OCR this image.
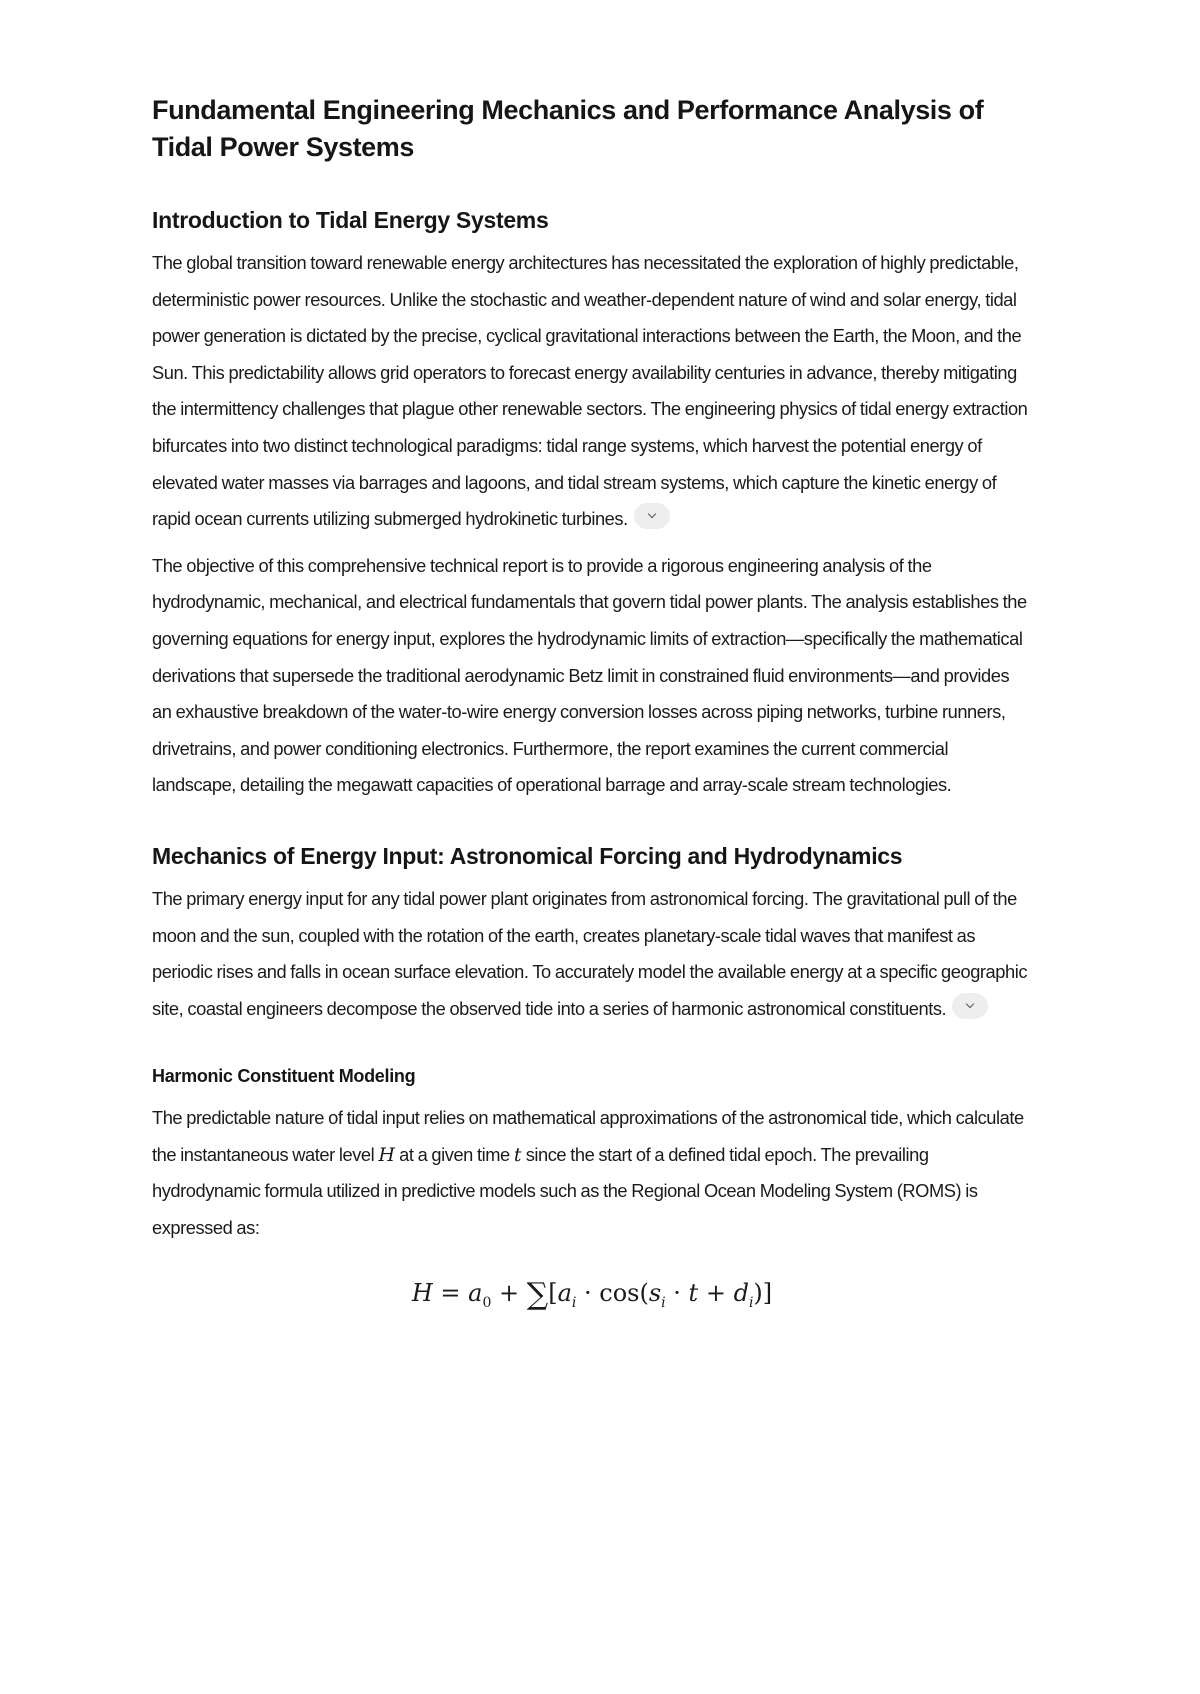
Fundamental Engineering Mechanics and Performance Analysis of Tidal Power Systems
Introduction to Tidal Energy Systems

The global transition toward renewable energy architectures has necessitated the exploration of highly predictable, deterministic power resources. Unlike the stochastic and weather-dependent nature of wind and solar energy, tidal power generation is dictated by the precise, cyclical gravitational interactions between the Earth, the Moon, and the Sun. This predictability allows grid operators to forecast energy availability centuries in advance, thereby mitigating the intermittency challenges that plague other renewable sectors. The engineering physics of tidal energy extraction bifurcates into two distinct technological paradigms: tidal range systems, which harvest the potential energy of elevated water masses via barrages and lagoons, and tidal stream systems, which capture the kinetic energy of rapid ocean currents utilizing submerged hydrokinetic turbines.

The objective of this comprehensive technical report is to provide a rigorous engineering analysis of the hydrodynamic, mechanical, and electrical fundamentals that govern tidal power plants. The analysis establishes the governing equations for energy input, explores the hydrodynamic limits of extraction—specifically the mathematical derivations that supersede the traditional aerodynamic Betz limit in constrained fluid environments—and provides an exhaustive breakdown of the water-to-wire energy conversion losses across piping networks, turbine runners, drivetrains, and power conditioning electronics. Furthermore, the report examines the current commercial landscape, detailing the megawatt capacities of operational barrage and array-scale stream technologies.

Mechanics of Energy Input: Astronomical Forcing and Hydrodynamics

The primary energy input for any tidal power plant originates from astronomical forcing. The gravitational pull of the moon and the sun, coupled with the rotation of the earth, creates planetary-scale tidal waves that manifest as periodic rises and falls in ocean surface elevation. To accurately model the available energy at a specific geographic site, coastal engineers decompose the observed tide into a series of harmonic astronomical constituents.

Harmonic Constituent Modeling

The predictable nature of tidal input relies on mathematical approximations of the astronomical tide, which calculate the instantaneous water level H at a given time t since the start of a defined tidal epoch. The prevailing hydrodynamic formula utilized in predictive models such as the Regional Ocean Modeling System (ROMS) is expressed as:

$H = a_0 + \sum[a_i \cdot \cos(s_i \cdot t + d_i)]$
